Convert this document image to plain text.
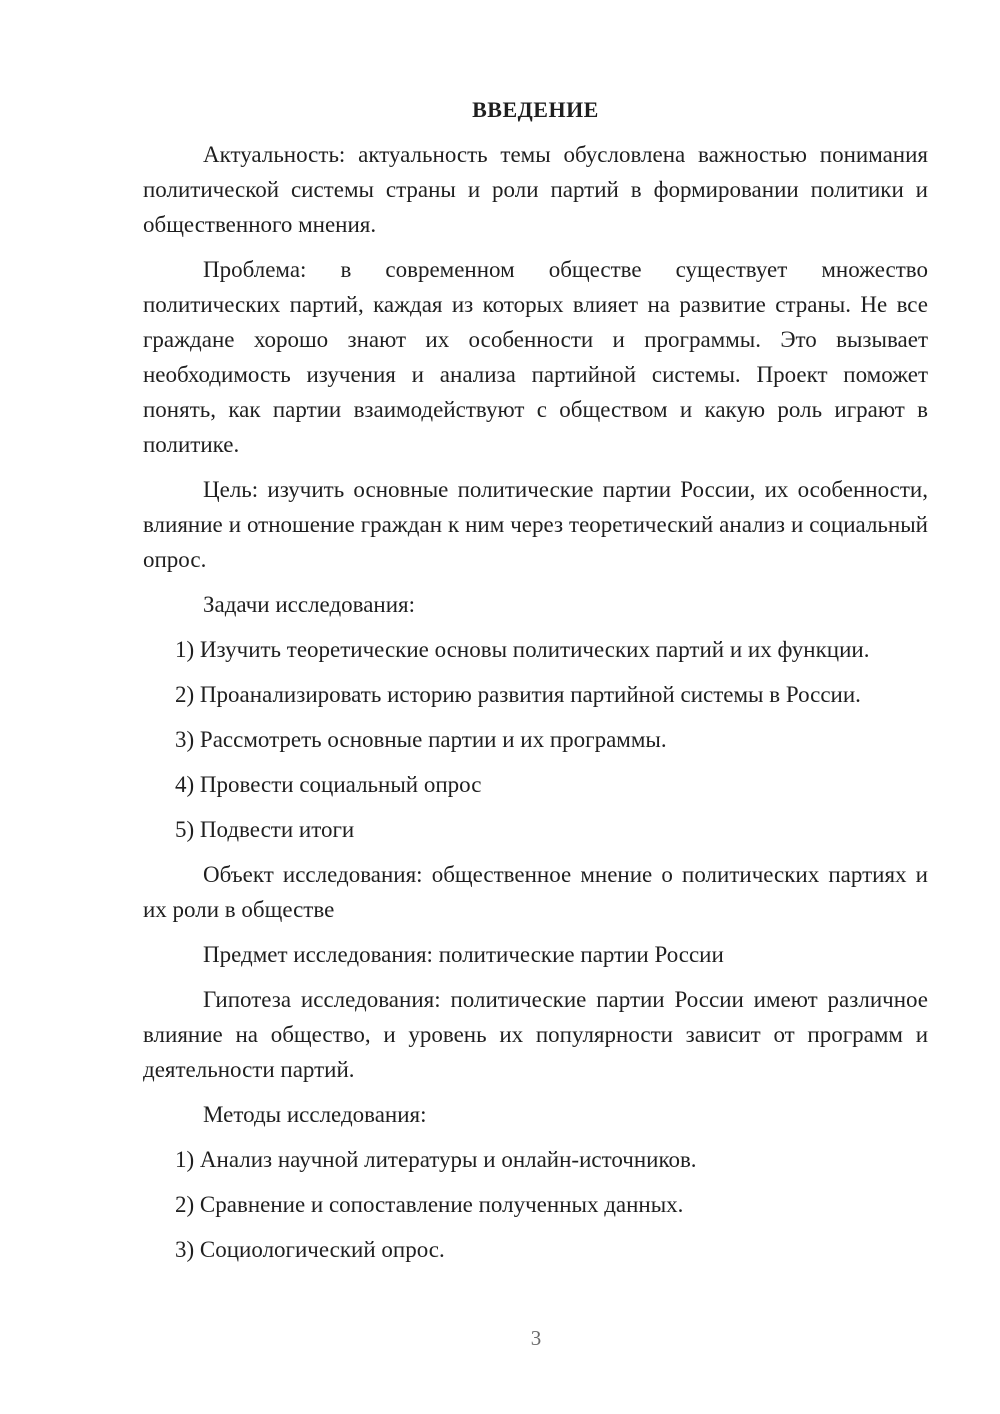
ВВЕДЕНИЕ

Актуальность: актуальность темы обусловлена важностью понимания политической системы страны и роли партий в формировании политики и общественного мнения.

Проблема: в современном обществе существует множество политических партий, каждая из которых влияет на развитие страны. Не все граждане хорошо знают их особенности и программы. Это вызывает необходимость изучения и анализа партийной системы. Проект поможет понять, как партии взаимодействуют с обществом и какую роль играют в политике.

Цель: изучить основные политические партии России, их особенности, влияние и отношение граждан к ним через теоретический анализ и социальный опрос.

Задачи исследования:

1) Изучить теоретические основы политических партий и их функции.
2) Проанализировать историю развития партийной системы в России.
3) Рассмотреть основные партии и их программы.
4) Провести социальный опрос
5) Подвести итоги

Объект исследования: общественное мнение о политических партиях и их роли в обществе

Предмет исследования: политические партии России

Гипотеза исследования: политические партии России имеют различное влияние на общество, и уровень их популярности зависит от программ и деятельности партий.

Методы исследования:

1) Анализ научной литературы и онлайн-источников.
2) Сравнение и сопоставление полученных данных.
3) Социологический опрос.
3
